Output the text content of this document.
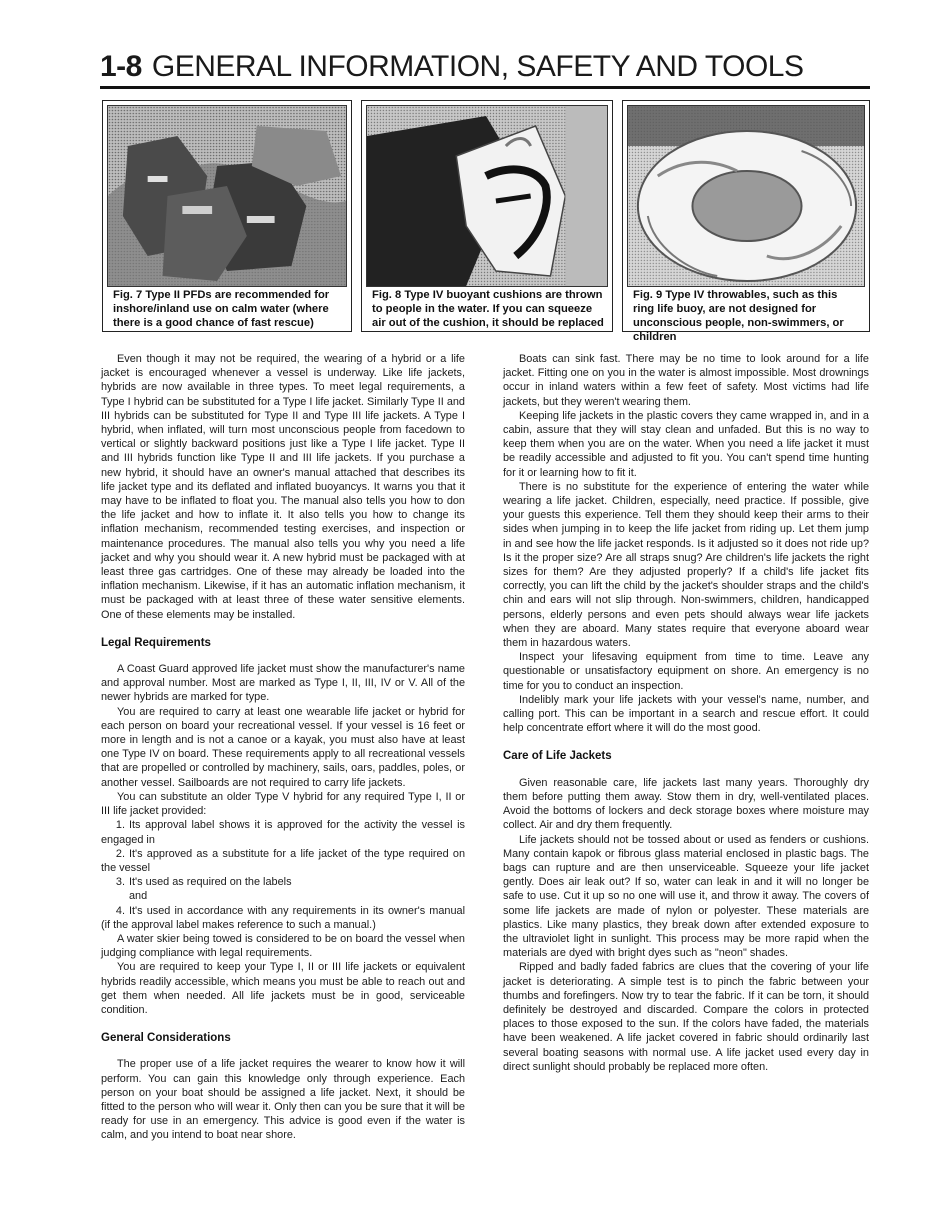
1-8 GENERAL INFORMATION, SAFETY AND TOOLS
Fig. 7 Type II PFDs are recommended for inshore/inland use on calm water (where there is a good chance of fast rescue)
Fig. 8 Type IV buoyant cushions are thrown to people in the water. If you can squeeze air out of the cushion, it should be replaced
Fig. 9 Type IV throwables, such as this ring life buoy, are not designed for unconscious people, non-swimmers, or children

Even though it may not be required, the wearing of a hybrid or a life jacket is encouraged whenever a vessel is underway. Like life jackets, hybrids are now available in three types. To meet legal requirements, a Type I hybrid can be substituted for a Type I life jacket. Similarly Type II and III hybrids can be substituted for Type II and Type III life jackets. A Type I hybrid, when inflated, will turn most unconscious people from facedown to vertical or slightly backward positions just like a Type I life jacket. Type II and III hybrids function like Type II and III life jackets. If you purchase a new hybrid, it should have an owner's manual attached that describes its life jacket type and its deflated and inflated buoyancys. It warns you that it may have to be inflated to float you. The manual also tells you how to don the life jacket and how to inflate it. It also tells you how to change its inflation mechanism, recommended testing exercises, and inspection or maintenance procedures. The manual also tells you why you need a life jacket and why you should wear it. A new hybrid must be packaged with at least three gas cartridges. One of these may already be loaded into the inflation mechanism. Likewise, if it has an automatic inflation mechanism, it must be packaged with at least three of these water sensitive elements. One of these elements may be installed.

Legal Requirements

A Coast Guard approved life jacket must show the manufacturer's name and approval number. Most are marked as Type I, II, III, IV or V. All of the newer hybrids are marked for type.

You are required to carry at least one wearable life jacket or hybrid for each person on board your recreational vessel. If your vessel is 16 feet or more in length and is not a canoe or a kayak, you must also have at least one Type IV on board. These requirements apply to all recreational vessels that are propelled or controlled by machinery, sails, oars, paddles, poles, or another vessel. Sailboards are not required to carry life jackets.

You can substitute an older Type V hybrid for any required Type I, II or III life jacket provided:

1. Its approval label shows it is approved for the activity the vessel is engaged in

2. It's approved as a substitute for a life jacket of the type required on the vessel

3. It's used as required on the labels

and

4. It's used in accordance with any requirements in its owner's manual (if the approval label makes reference to such a manual.)

A water skier being towed is considered to be on board the vessel when judging compliance with legal requirements.

You are required to keep your Type I, II or III life jackets or equivalent hybrids readily accessible, which means you must be able to reach out and get them when needed. All life jackets must be in good, serviceable condition.

General Considerations

The proper use of a life jacket requires the wearer to know how it will perform. You can gain this knowledge only through experience. Each person on your boat should be assigned a life jacket. Next, it should be fitted to the person who will wear it. Only then can you be sure that it will be ready for use in an emergency. This advice is good even if the water is calm, and you intend to boat near shore.

Boats can sink fast. There may be no time to look around for a life jacket. Fitting one on you in the water is almost impossible. Most drownings occur in inland waters within a few feet of safety. Most victims had life jackets, but they weren't wearing them.

Keeping life jackets in the plastic covers they came wrapped in, and in a cabin, assure that they will stay clean and unfaded. But this is no way to keep them when you are on the water. When you need a life jacket it must be readily accessible and adjusted to fit you. You can't spend time hunting for it or learning how to fit it.

There is no substitute for the experience of entering the water while wearing a life jacket. Children, especially, need practice. If possible, give your guests this experience. Tell them they should keep their arms to their sides when jumping in to keep the life jacket from riding up. Let them jump in and see how the life jacket responds. Is it adjusted so it does not ride up? Is it the proper size? Are all straps snug? Are children's life jackets the right sizes for them? Are they adjusted properly? If a child's life jacket fits correctly, you can lift the child by the jacket's shoulder straps and the child's chin and ears will not slip through. Non-swimmers, children, handicapped persons, elderly persons and even pets should always wear life jackets when they are aboard. Many states require that everyone aboard wear them in hazardous waters.

Inspect your lifesaving equipment from time to time. Leave any questionable or unsatisfactory equipment on shore. An emergency is no time for you to conduct an inspection.

Indelibly mark your life jackets with your vessel's name, number, and calling port. This can be important in a search and rescue effort. It could help concentrate effort where it will do the most good.

Care of Life Jackets

Given reasonable care, life jackets last many years. Thoroughly dry them before putting them away. Stow them in dry, well-ventilated places. Avoid the bottoms of lockers and deck storage boxes where moisture may collect. Air and dry them frequently.

Life jackets should not be tossed about or used as fenders or cushions. Many contain kapok or fibrous glass material enclosed in plastic bags. The bags can rupture and are then unserviceable. Squeeze your life jacket gently. Does air leak out? If so, water can leak in and it will no longer be safe to use. Cut it up so no one will use it, and throw it away. The covers of some life jackets are made of nylon or polyester. These materials are plastics. Like many plastics, they break down after extended exposure to the ultraviolet light in sunlight. This process may be more rapid when the materials are dyed with bright dyes such as "neon" shades.

Ripped and badly faded fabrics are clues that the covering of your life jacket is deteriorating. A simple test is to pinch the fabric between your thumbs and forefingers. Now try to tear the fabric. If it can be torn, it should definitely be destroyed and discarded. Compare the colors in protected places to those exposed to the sun. If the colors have faded, the materials have been weakened. A life jacket covered in fabric should ordinarily last several boating seasons with normal use. A life jacket used every day in direct sunlight should probably be replaced more often.
